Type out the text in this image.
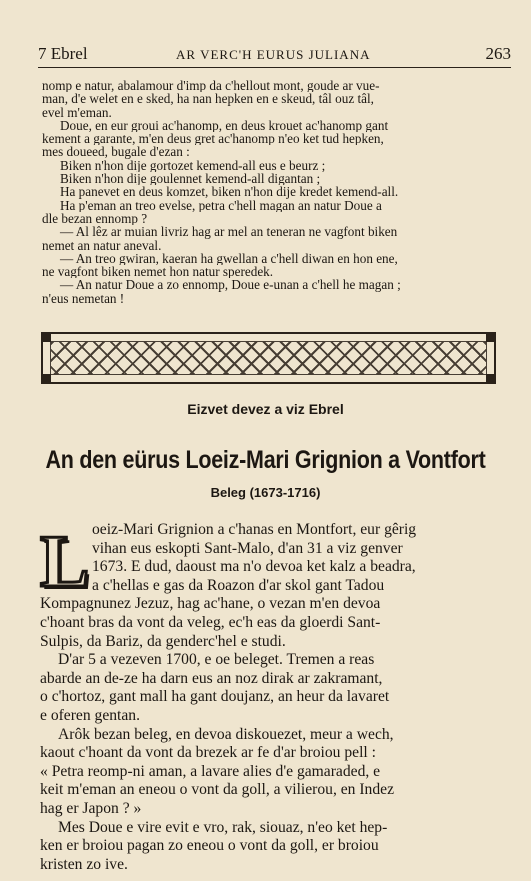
7 Ebrel	AR VERC'H EURUS JULIANA	263
nomp e natur, abalamour d'imp da c'hellout mont, goude ar vue-
man, d'e welet en e sked, ha nan hepken en e skeud, tâl ouz tâl,
evel m'eman.
Doue, en eur groui ac'hanomp, en deus krouet ac'hanomp gant
kement a garante, m'en deus gret ac'hanomp n'eo ket tud hepken,
mes doueed, bugale d'ezan :
Biken n'hon dije gortozet kemend-all eus e beurz ;
Biken n'hon dije goulennet kemend-all digantan ;
Ha panevet en deus komzet, biken n'hon dije kredet kemend-all.
Ha p'eman an treo evelse, petra c'hell magan an natur Doue a
dle bezan ennomp ?
— Al lêz ar muian livriz hag ar mel an teneran ne vagfont biken
nemet an natur aneval.
— An treo gwiran, kaeran ha gwellan a c'hell diwan en hon ene,
ne vagfont biken nemet hon natur speredek.
— An natur Doue a zo ennomp, Doue e-unan a c'hell he magan ;
n'eus nemetan !
Eizvet devez a viz Ebrel
An den eürus Loeiz-Mari Grignion a Vontfort
Beleg (1673-1716)
L oeiz-Mari Grignion a c'hanas en Montfort, eur gêrig
vihan eus eskopti Sant-Malo, d'an 31 a viz genver
1673. E dud, daoust ma n'o devoa ket kalz a beadra,
a c'hellas e gas da Roazon d'ar skol gant Tadou
Kompagnunez Jezuz, hag ac'hane, o vezan m'en devoa
c'hoant bras da vont da veleg, ec'h eas da gloerdi Sant-
Sulpis, da Bariz, da genderc'hel e studi.
D'ar 5 a vezeven 1700, e oe beleget. Tremen a reas
abarde an de-ze ha darn eus an noz dirak ar zakramant,
o c'hortoz, gant mall ha gant doujanz, an heur da lavaret
e oferen gentan.
Arôk bezan beleg, en devoa diskouezet, meur a wech,
kaout c'hoant da vont da brezek ar fe d'ar broiou pell :
« Petra reomp-ni aman, a lavare alies d'e gamaraded, e
keit m'eman an eneou o vont da goll, a vilierou, en Indez
hag er Japon ? »
Mes Doue e vire evit e vro, rak, siouaz, n'eo ket hep-
ken er broiou pagan zo eneou o vont da goll, er broiou
kristen zo ive.
